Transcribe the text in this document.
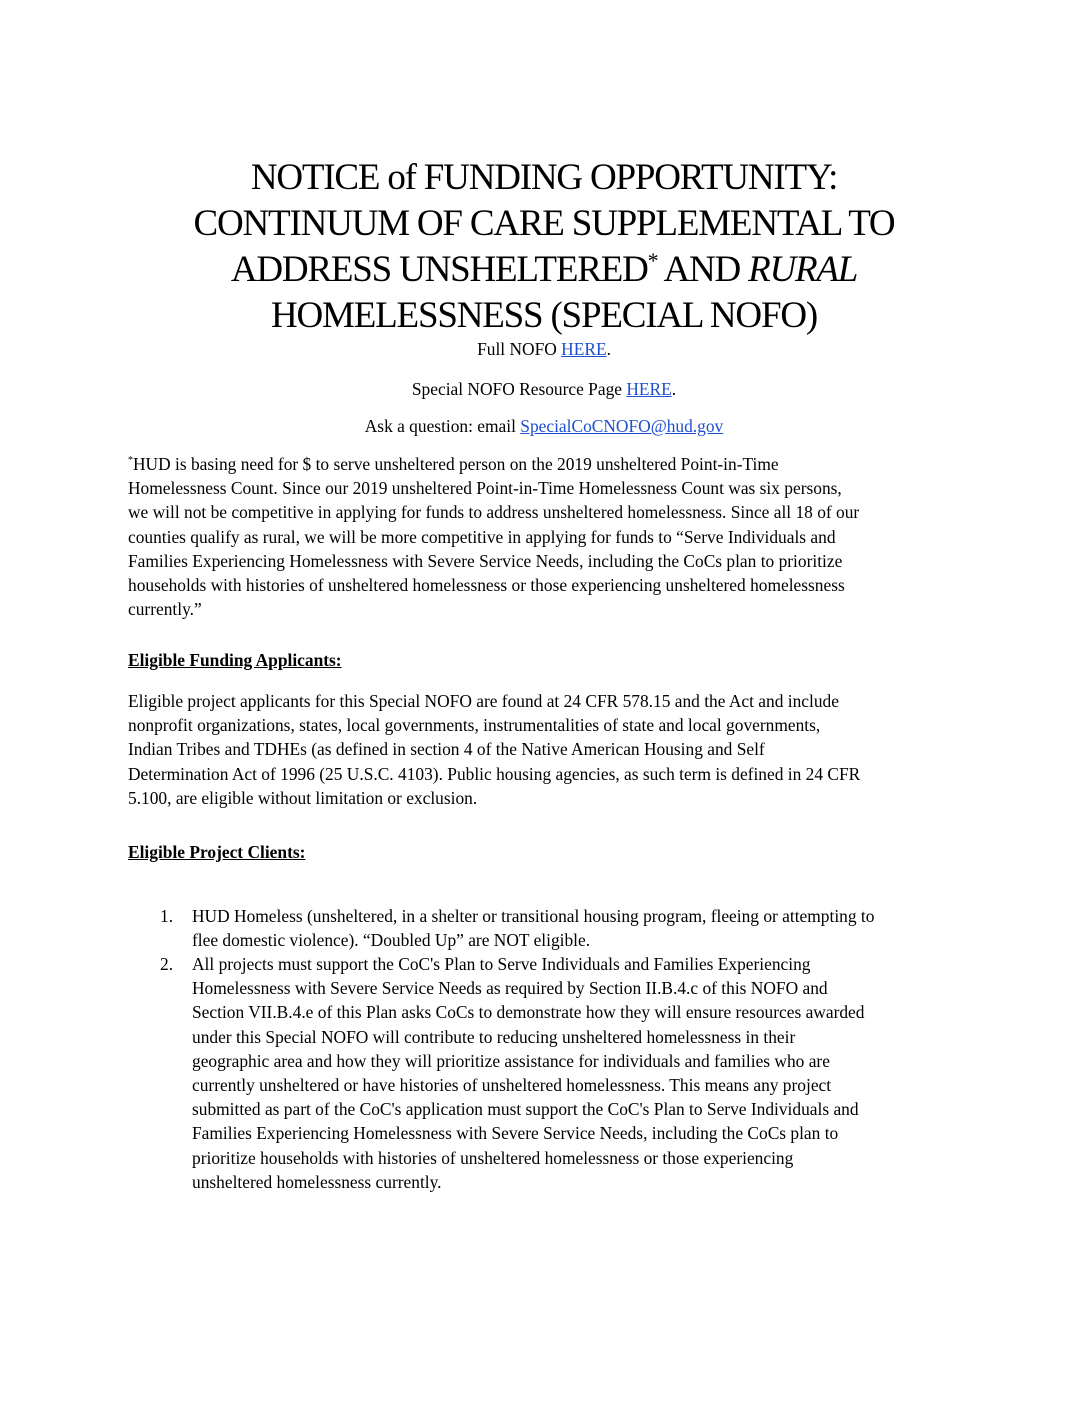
NOTICE of FUNDING OPPORTUNITY:
CONTINUUM OF CARE SUPPLEMENTAL TO
ADDRESS UNSHELTERED* AND RURAL
HOMELESSNESS (SPECIAL NOFO)
Full NOFO HERE.
Special NOFO Resource Page HERE.
Ask a question: email SpecialCoCNOFO@hud.gov
*HUD is basing need for $ to serve unsheltered person on the 2019 unsheltered Point-in-Time
Homelessness Count. Since our 2019 unsheltered Point-in-Time Homelessness Count was six persons,
we will not be competitive in applying for funds to address unsheltered homelessness. Since all 18 of our
counties qualify as rural, we will be more competitive in applying for funds to “Serve Individuals and
Families Experiencing Homelessness with Severe Service Needs, including the CoCs plan to prioritize
households with histories of unsheltered homelessness or those experiencing unsheltered homelessness
currently.”
Eligible Funding Applicants:
Eligible project applicants for this Special NOFO are found at 24 CFR 578.15 and the Act and include
nonprofit organizations, states, local governments, instrumentalities of state and local governments,
Indian Tribes and TDHEs (as defined in section 4 of the Native American Housing and Self
Determination Act of 1996 (25 U.S.C. 4103). Public housing agencies, as such term is defined in 24 CFR
5.100, are eligible without limitation or exclusion.
Eligible Project Clients:
1.	HUD Homeless (unsheltered, in a shelter or transitional housing program, fleeing or attempting to
flee domestic violence). “Doubled Up” are NOT eligible.
2.	All projects must support the CoC's Plan to Serve Individuals and Families Experiencing
Homelessness with Severe Service Needs as required by Section II.B.4.c of this NOFO and
Section VII.B.4.e of this Plan asks CoCs to demonstrate how they will ensure resources awarded
under this Special NOFO will contribute to reducing unsheltered homelessness in their
geographic area and how they will prioritize assistance for individuals and families who are
currently unsheltered or have histories of unsheltered homelessness. This means any project
submitted as part of the CoC's application must support the CoC's Plan to Serve Individuals and
Families Experiencing Homelessness with Severe Service Needs, including the CoCs plan to
prioritize households with histories of unsheltered homelessness or those experiencing
unsheltered homelessness currently.
